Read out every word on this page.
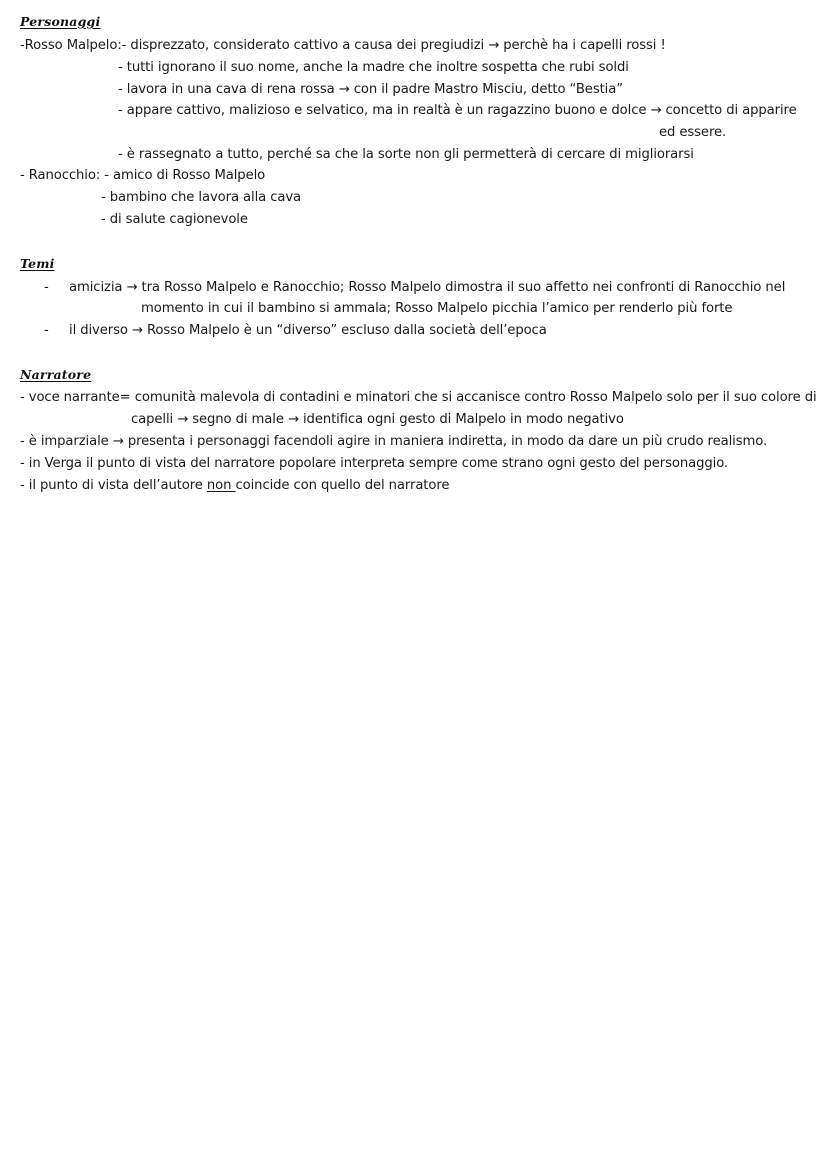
Personaggi
-Rosso Malpelo:- disprezzato, considerato cattivo a causa dei pregiudizi → perchè ha i capelli rossi !
- tutti ignorano il suo nome, anche la madre che inoltre sospetta che rubi soldi
- lavora in una cava di rena rossa → con il padre Mastro Misciu, detto “Bestia”
- appare cattivo, malizioso e selvatico, ma in realtà è un ragazzino buono e dolce → concetto di apparire
ed essere.
- è rassegnato a tutto, perché sa che la sorte non gli permetterà di cercare di migliorarsi
- Ranocchio: - amico di Rosso Malpelo
- bambino che lavora alla cava
- di salute cagionevole
Temi
- amicizia → tra Rosso Malpelo e Ranocchio; Rosso Malpelo dimostra il suo affetto nei confronti di Ranocchio nel
momento in cui il bambino si ammala; Rosso Malpelo picchia l’amico per renderlo più forte
- il diverso → Rosso Malpelo è un “diverso” escluso dalla società dell’epoca
Narratore
- voce narrante= comunità malevola di contadini e minatori che si accanisce contro Rosso Malpelo solo per il suo colore di
capelli → segno di male → identifica ogni gesto di Malpelo in modo negativo
- è imparziale → presenta i personaggi facendoli agire in maniera indiretta, in modo da dare un più crudo realismo.
- in Verga il punto di vista del narratore popolare interpreta sempre come strano ogni gesto del personaggio.
- il punto di vista dell’autore non coincide con quello del narratore
